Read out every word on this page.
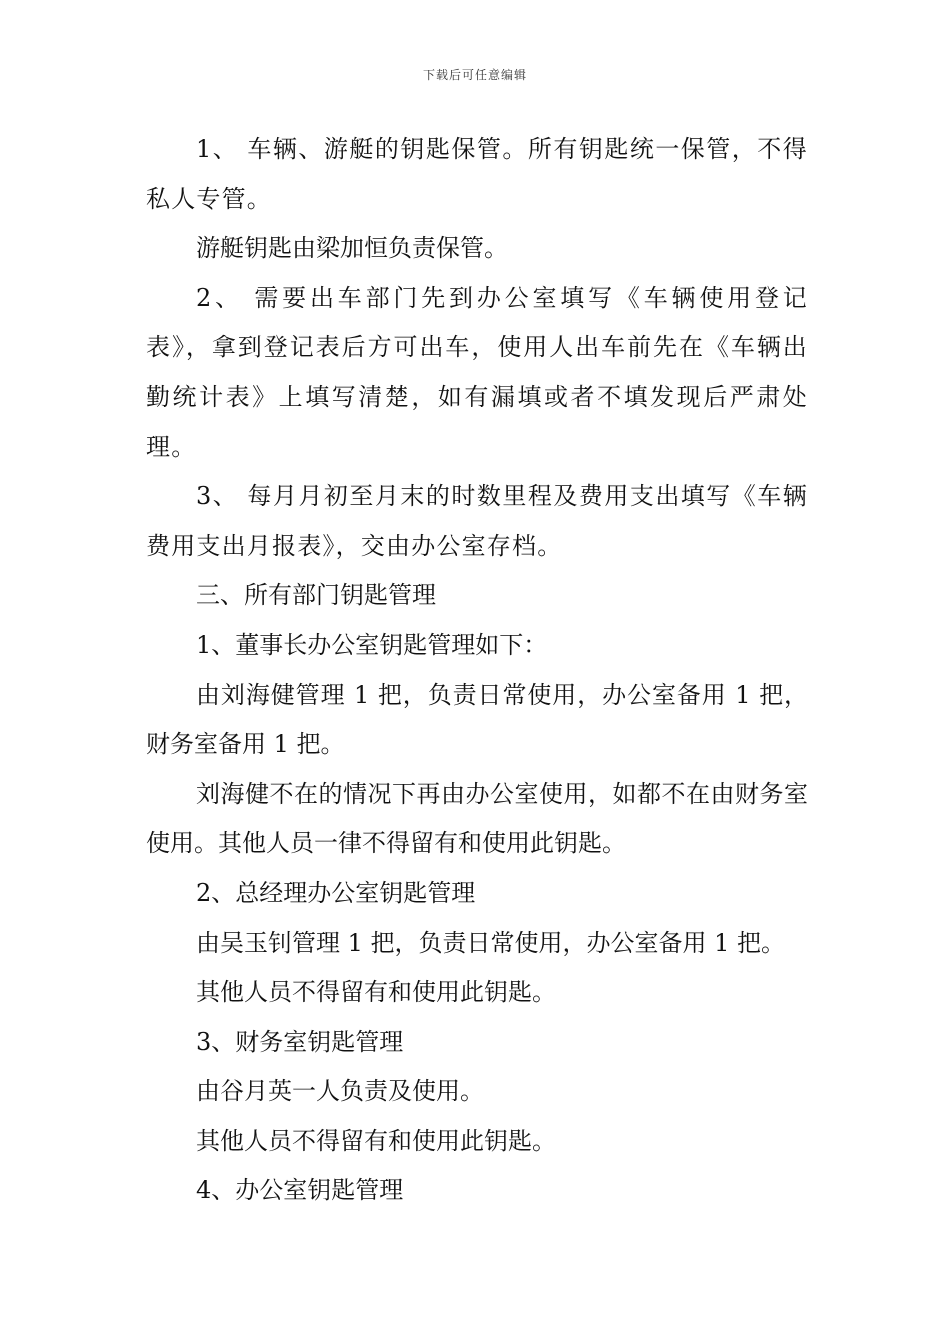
下载后可任意编辑

1、 车辆、游艇的钥匙保管。所有钥匙统一保管，不得私人专管。

游艇钥匙由梁加恒负责保管。

2、 需要出车部门先到办公室填写《车辆使用登记表》，拿到登记表后方可出车，使用人出车前先在《车辆出勤统计表》上填写清楚，如有漏填或者不填发现后严肃处理。

3、 每月月初至月末的时数里程及费用支出填写《车辆费用支出月报表》，交由办公室存档。

三、所有部门钥匙管理

1、董事长办公室钥匙管理如下：

由刘海健管理 1 把，负责日常使用，办公室备用 1 把，财务室备用 1 把。

刘海健不在的情况下再由办公室使用，如都不在由财务室使用。其他人员一律不得留有和使用此钥匙。

2、总经理办公室钥匙管理

由吴玉钊管理 1 把，负责日常使用，办公室备用 1 把。

其他人员不得留有和使用此钥匙。

3、财务室钥匙管理

由谷月英一人负责及使用。

其他人员不得留有和使用此钥匙。

4、办公室钥匙管理
